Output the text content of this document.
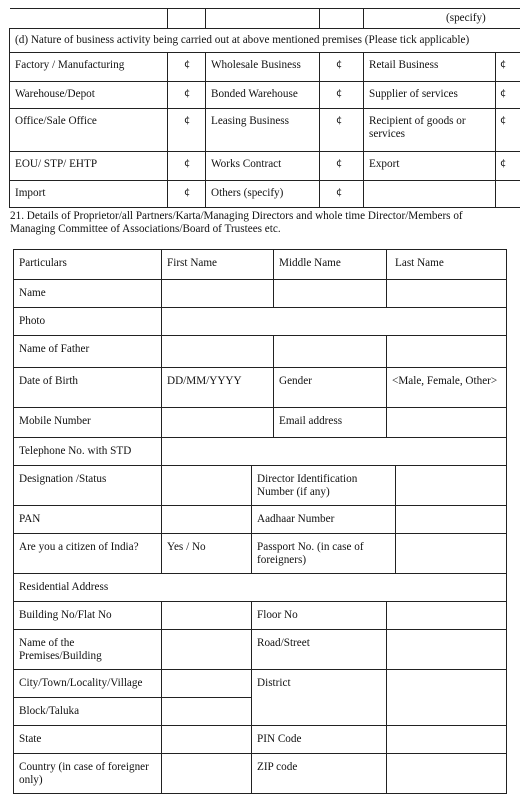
				(specify)	
(d) Nature of business activity being carried out at above mentioned premises (Please tick applicable)					
Factory / Manufacturing	¢	Wholesale Business	¢	Retail Business	¢
Warehouse/Depot	¢	Bonded Warehouse	¢	Supplier of services	¢
Office/Sale Office	¢	Leasing Business	¢	Recipient of goods or services	¢
EOU/ STP/ EHTP	¢	Works Contract	¢	Export	¢
Import	¢	Others (specify)	¢		
21. Details of Proprietor/all Partners/Karta/Managing Directors and whole time Director/Members of Managing Committee of Associations/Board of Trustees etc.
Particulars	First Name		Middle Name	Last Name	
Name					
Photo					
Name of Father					
Date of Birth	DD/MM/YYYY		Gender	<Male, Female, Other>	
Mobile Number			Email address		
Telephone No. with STD					
Designation /Status		Director Identification Number (if any)			
PAN		Aadhaar Number			
Are you a citizen of India?	Yes / No	Passport No. (in case of foreigners)			
Residential Address					
Building No/Flat No		Floor No			
Name of the Premises/Building		Road/Street			
City/Town/Locality/Village		District			
Block/Taluka					
State		PIN Code			
Country (in case of foreigner only)		ZIP code			
